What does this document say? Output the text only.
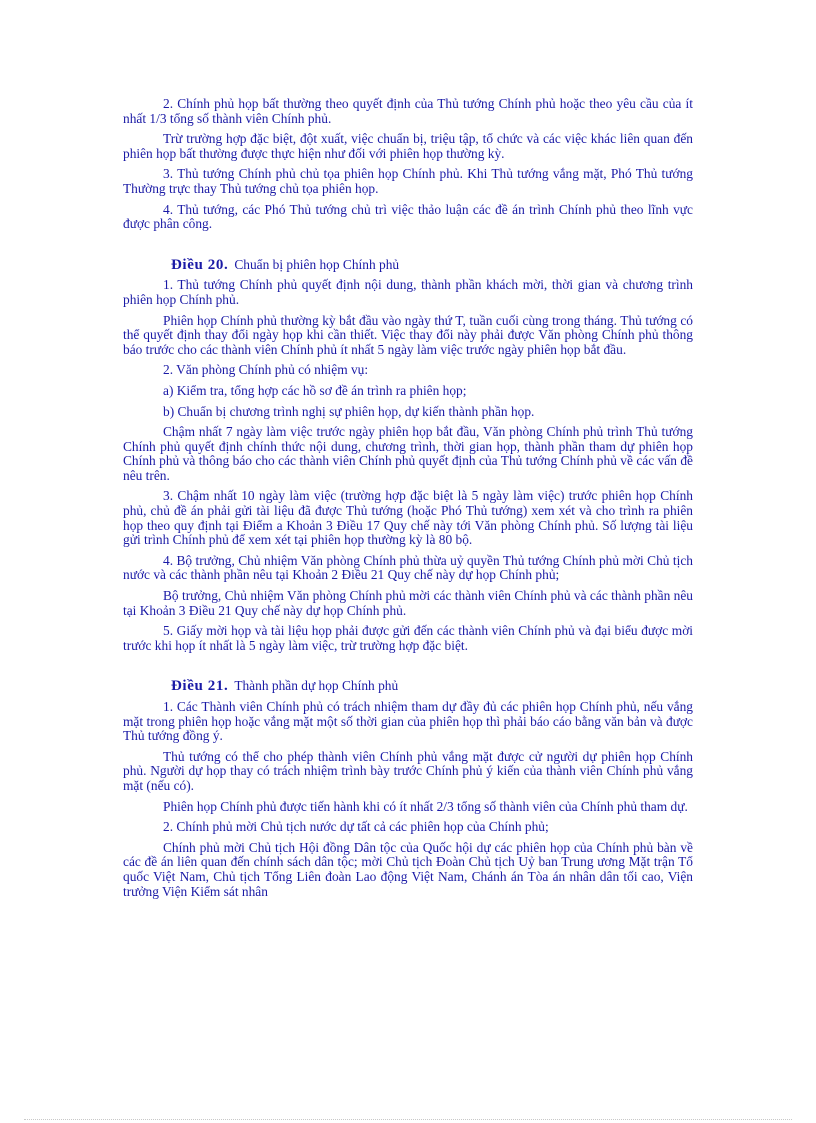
2. Chính phủ họp bất thường theo quyết định của Thủ tướng Chính phủ hoặc theo yêu cầu của ít nhất 1/3 tổng số thành viên Chính phủ.

Trừ trường hợp đặc biệt, đột xuất, việc chuẩn bị, triệu tập, tổ chức và các việc khác liên quan đến phiên họp bất thường được thực hiện như đối với phiên họp thường kỳ.

3. Thủ tướng Chính phủ chủ tọa phiên họp Chính phủ. Khi Thủ tướng vắng mặt, Phó Thủ tướng Thường trực thay Thủ tướng chủ tọa phiên họp.

4. Thủ tướng, các Phó Thủ tướng chủ trì việc thảo luận các đề án trình Chính phủ theo lĩnh vực được phân công.

Điều 20. Chuẩn bị phiên họp Chính phủ

1. Thủ tướng Chính phủ quyết định nội dung, thành phần khách mời, thời gian và chương trình phiên họp Chính phủ.

Phiên họp Chính phủ thường kỳ bắt đầu vào ngày thứ T, tuần cuối cùng trong tháng. Thủ tướng có thể quyết định thay đổi ngày họp khi cần thiết. Việc thay đổi này phải được Văn phòng Chính phủ thông báo trước cho các thành viên Chính phủ ít nhất 5 ngày làm việc trước ngày phiên họp bắt đầu.

2. Văn phòng Chính phủ có nhiệm vụ:

a) Kiểm tra, tổng hợp các hồ sơ đề án trình ra phiên họp;

b) Chuẩn bị chương trình nghị sự phiên họp, dự kiến thành phần họp.

Chậm nhất 7 ngày làm việc trước ngày phiên họp bắt đầu, Văn phòng Chính phủ trình Thủ tướng Chính phủ quyết định chính thức nội dung, chương trình, thời gian họp, thành phần tham dự phiên họp Chính phủ và thông báo cho các thành viên Chính phủ quyết định của Thủ tướng Chính phủ về các vấn đề nêu trên.

3. Chậm nhất 10 ngày làm việc (trường hợp đặc biệt là 5 ngày làm việc) trước phiên họp Chính phủ, chủ đề án phải gửi tài liệu đã được Thủ tướng (hoặc Phó Thủ tướng) xem xét và cho trình ra phiên họp theo quy định tại Điểm a Khoản 3 Điều 17 Quy chế này tới Văn phòng Chính phủ. Số lượng tài liệu gửi trình Chính phủ để xem xét tại phiên họp thường kỳ là 80 bộ.

4. Bộ trưởng, Chủ nhiệm Văn phòng Chính phủ thừa uỷ quyền Thủ tướng Chính phủ mời Chủ tịch nước và các thành phần nêu tại Khoản 2 Điều 21 Quy chế này dự họp Chính phủ;

Bộ trưởng, Chủ nhiệm Văn phòng Chính phủ mời các thành viên Chính phủ và các thành phần nêu tại Khoản 3 Điều 21 Quy chế này dự họp Chính phủ.

5. Giấy mời họp và tài liệu họp phải được gửi đến các thành viên Chính phủ và đại biểu được mời trước khi họp ít nhất là 5 ngày làm việc, trừ trường hợp đặc biệt.

Điều 21. Thành phần dự họp Chính phủ

1. Các Thành viên Chính phủ có trách nhiệm tham dự đầy đủ các phiên họp Chính phủ, nếu vắng mặt trong phiên họp hoặc vắng mặt một số thời gian của phiên họp thì phải báo cáo bằng văn bản và được Thủ tướng đồng ý.

Thủ tướng có thể cho phép thành viên Chính phủ vắng mặt được cử người dự phiên họp Chính phủ. Người dự họp thay có trách nhiệm trình bày trước Chính phủ ý kiến của thành viên Chính phủ vắng mặt (nếu có).

Phiên họp Chính phủ được tiến hành khi có ít nhất 2/3 tổng số thành viên của Chính phủ tham dự.

2. Chính phủ mời Chủ tịch nước dự tất cả các phiên họp của Chính phủ;

Chính phủ mời Chủ tịch Hội đồng Dân tộc của Quốc hội dự các phiên họp của Chính phủ bàn về các đề án liên quan đến chính sách dân tộc; mời Chủ tịch Đoàn Chủ tịch Uỷ ban Trung ương Mặt trận Tổ quốc Việt Nam, Chủ tịch Tổng Liên đoàn Lao động Việt Nam, Chánh án Tòa án nhân dân tối cao, Viện trưởng Viện Kiểm sát nhân
